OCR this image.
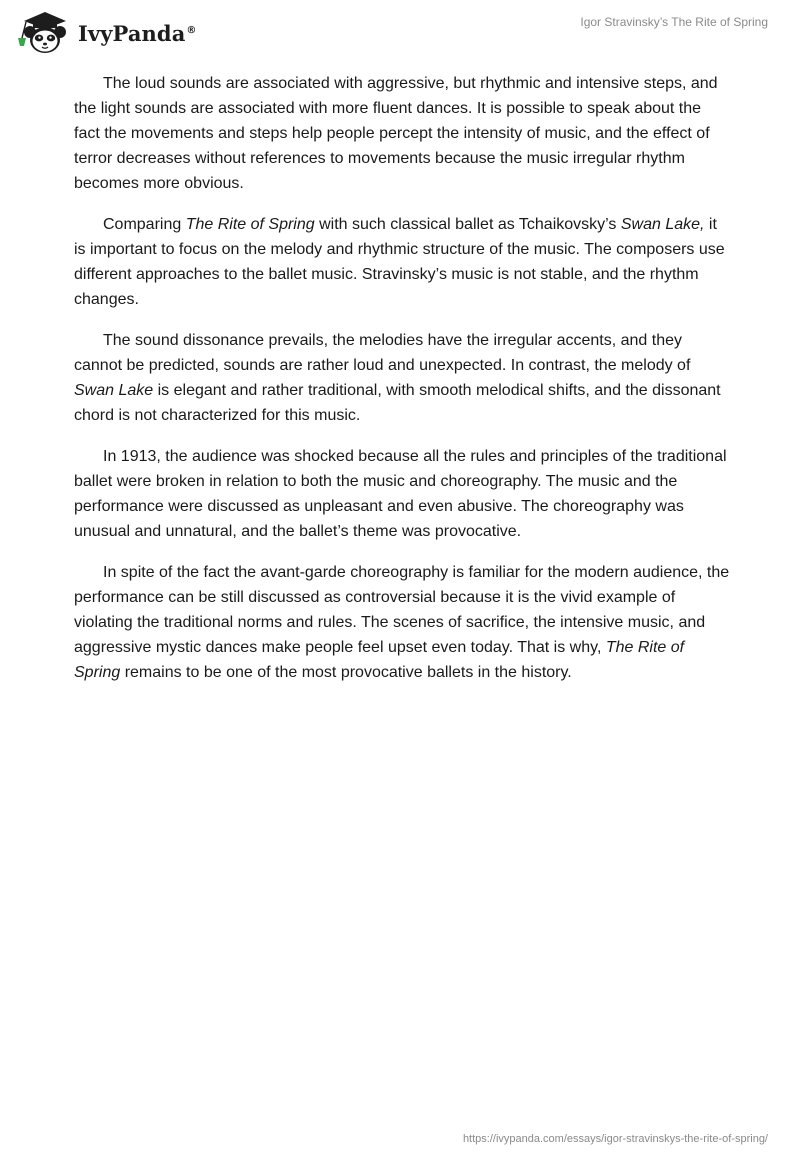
IvyPanda®
Igor Stravinsky’s The Rite of Spring

The loud sounds are associated with aggressive, but rhythmic and intensive steps, and the light sounds are associated with more fluent dances. It is possible to speak about the fact the movements and steps help people percept the intensity of music, and the effect of terror decreases without references to movements because the music irregular rhythm becomes more obvious.

Comparing The Rite of Spring with such classical ballet as Tchaikovsky’s Swan Lake, it is important to focus on the melody and rhythmic structure of the music. The composers use different approaches to the ballet music. Stravinsky’s music is not stable, and the rhythm changes.

The sound dissonance prevails, the melodies have the irregular accents, and they cannot be predicted, sounds are rather loud and unexpected. In contrast, the melody of Swan Lake is elegant and rather traditional, with smooth melodical shifts, and the dissonant chord is not characterized for this music.

In 1913, the audience was shocked because all the rules and principles of the traditional ballet were broken in relation to both the music and choreography. The music and the performance were discussed as unpleasant and even abusive. The choreography was unusual and unnatural, and the ballet’s theme was provocative.

In spite of the fact the avant-garde choreography is familiar for the modern audience, the performance can be still discussed as controversial because it is the vivid example of violating the traditional norms and rules. The scenes of sacrifice, the intensive music, and aggressive mystic dances make people feel upset even today. That is why, The Rite of Spring remains to be one of the most provocative ballets in the history.

https://ivypanda.com/essays/igor-stravinskys-the-rite-of-spring/
